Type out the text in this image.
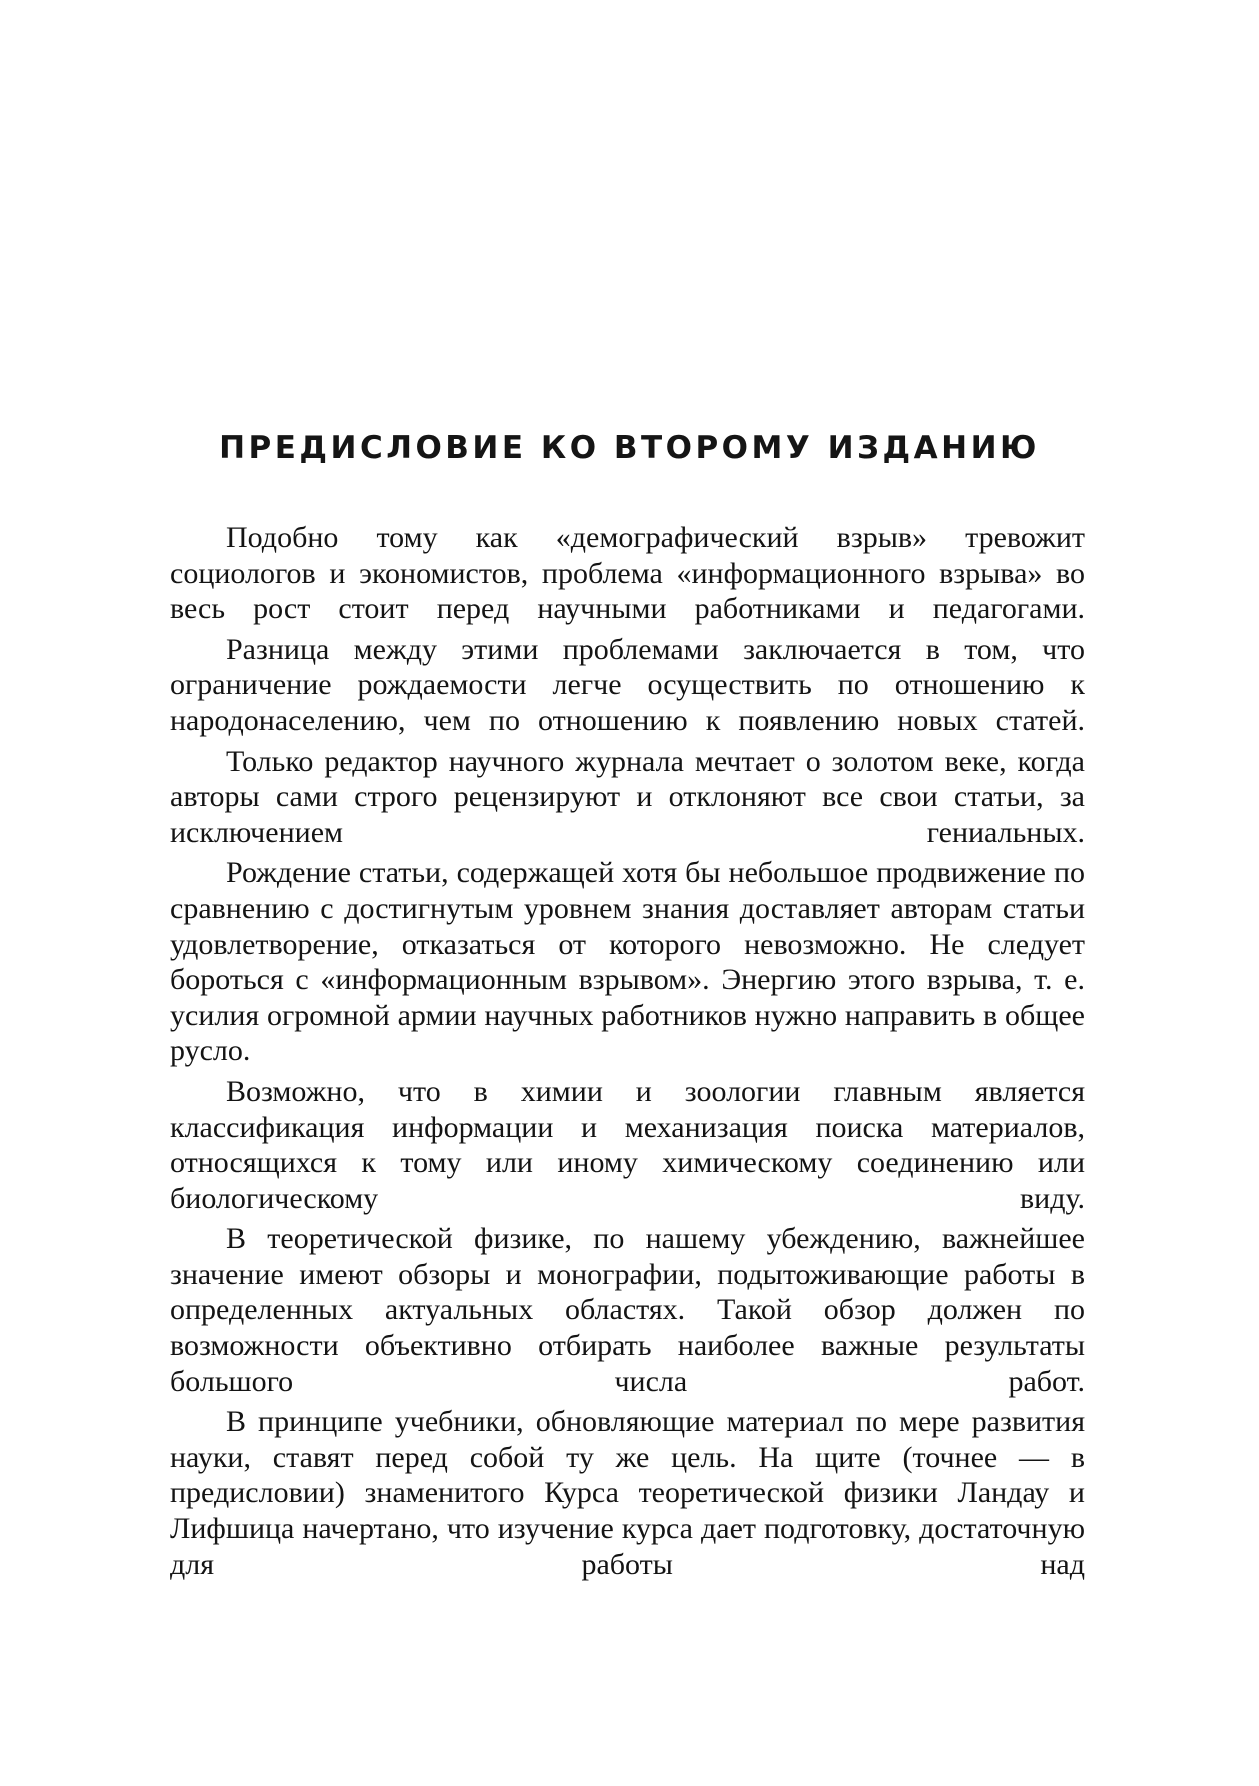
ПРЕДИСЛОВИЕ КО ВТОРОМУ ИЗДАНИЮ

Подобно тому как «демографический взрыв» тревожит социологов и экономистов, проблема «информационного взрыва» во весь рост стоит перед научными работниками и педагогами.

Разница между этими проблемами заключается в том, что ограничение рождаемости легче осуществить по отношению к народонаселению, чем по отношению к появлению новых статей.

Только редактор научного журнала мечтает о золотом веке, когда авторы сами строго рецензируют и отклоняют все свои статьи, за исключением гениальных.

Рождение статьи, содержащей хотя бы небольшое продвижение по сравнению с достигнутым уровнем знания доставляет авторам статьи удовлетворение, отказаться от которого невозможно. Не следует бороться с «информационным взрывом». Энергию этого взрыва, т. е. усилия огромной армии научных работников нужно направить в общее русло.

Возможно, что в химии и зоологии главным является классификация информации и механизация поиска материалов, относящихся к тому или иному химическому соединению или биологическому виду.

В теоретической физике, по нашему убеждению, важнейшее значение имеют обзоры и монографии, подытоживающие работы в определенных актуальных областях. Такой обзор должен по возможности объективно отбирать наиболее важные результаты большого числа работ.

В принципе учебники, обновляющие материал по мере развития науки, ставят перед собой ту же цель. На щите (точнее — в предисловии) знаменитого Курса теоретической физики Ландау и Лифшица начертано, что изучение курса дает подготовку, достаточную для работы над
